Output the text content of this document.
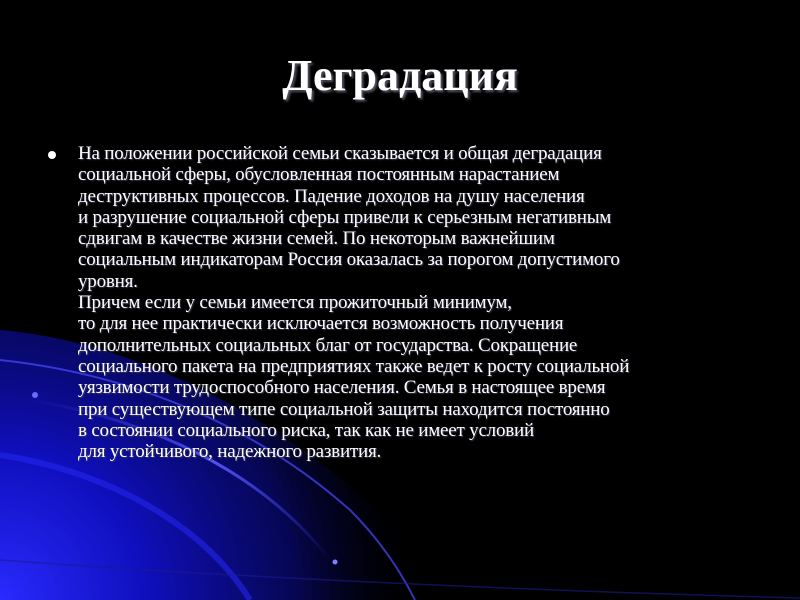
Деградация
На положении российской семьи сказывается и общая деградация
социальной сферы, обусловленная постоянным нарастанием
деструктивных процессов. Падение доходов на душу населения
и разрушение социальной сферы привели к серьезным негативным
сдвигам в качестве жизни семей. По некоторым важнейшим
социальным индикаторам Россия оказалась за порогом допустимого
уровня.
Причем если у семьи имеется прожиточный минимум,
то для нее практически исключается возможность получения
дополнительных социальных благ от государства. Сокращение
социального пакета на предприятиях также ведет к росту социальной
уязвимости трудоспособного населения. Семья в настоящее время
при существующем типе социальной защиты находится постоянно
в состоянии социального риска, так как не имеет условий
для устойчивого, надежного развития.
